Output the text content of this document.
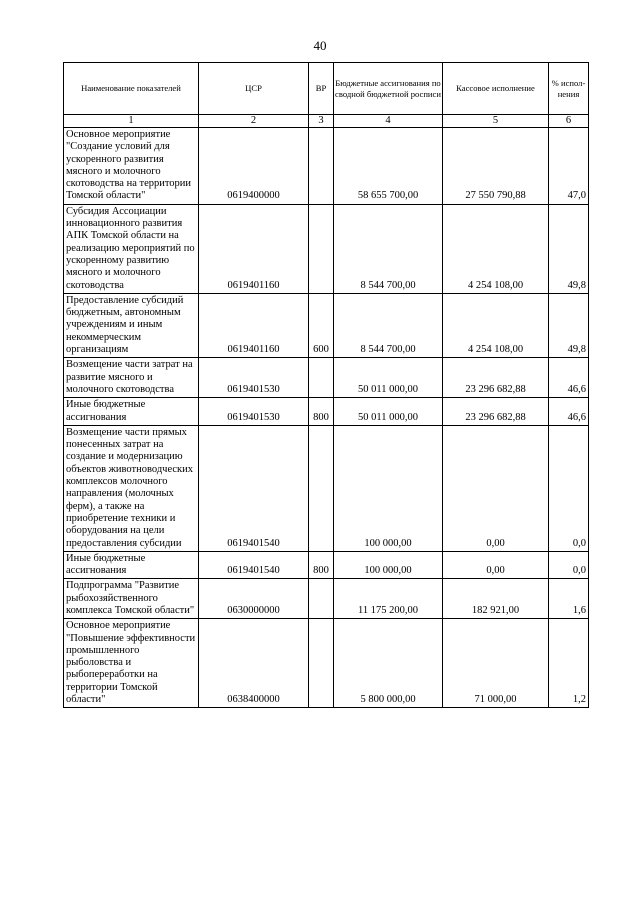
40
Наименование показателей	ЦСР	ВР	Бюджетные ассигнования по сводной бюджетной росписи	Кассовое исполнение	% испол-нения
1	2	3	4	5	6
Основное мероприятие "Создание условий для ускоренного развития мясного и молочного скотоводства на территории Томской области"	0619400000		58 655 700,00	27 550 790,88	47,0
Субсидия Ассоциации инновационного развития АПК Томской области на реализацию мероприятий по ускоренному развитию мясного и молочного скотоводства	0619401160		8 544 700,00	4 254 108,00	49,8
Предоставление субсидий бюджетным, автономным учреждениям и иным некоммерческим организациям	0619401160	600	8 544 700,00	4 254 108,00	49,8
Возмещение части затрат на развитие мясного и молочного скотоводства	0619401530		50 011 000,00	23 296 682,88	46,6
Иные бюджетные ассигнования	0619401530	800	50 011 000,00	23 296 682,88	46,6
Возмещение части прямых понесенных затрат на создание и модернизацию объектов животноводческих комплексов молочного направления (молочных ферм), а также на приобретение техники и оборудования на цели предоставления субсидии	0619401540		100 000,00	0,00	0,0
Иные бюджетные ассигнования	0619401540	800	100 000,00	0,00	0,0
Подпрограмма "Развитие рыбохозяйственного комплекса Томской области"	0630000000		11 175 200,00	182 921,00	1,6
Основное мероприятие "Повышение эффективности промышленного рыболовства и рыбопереработки на территории Томской области"	0638400000		5 800 000,00	71 000,00	1,2
